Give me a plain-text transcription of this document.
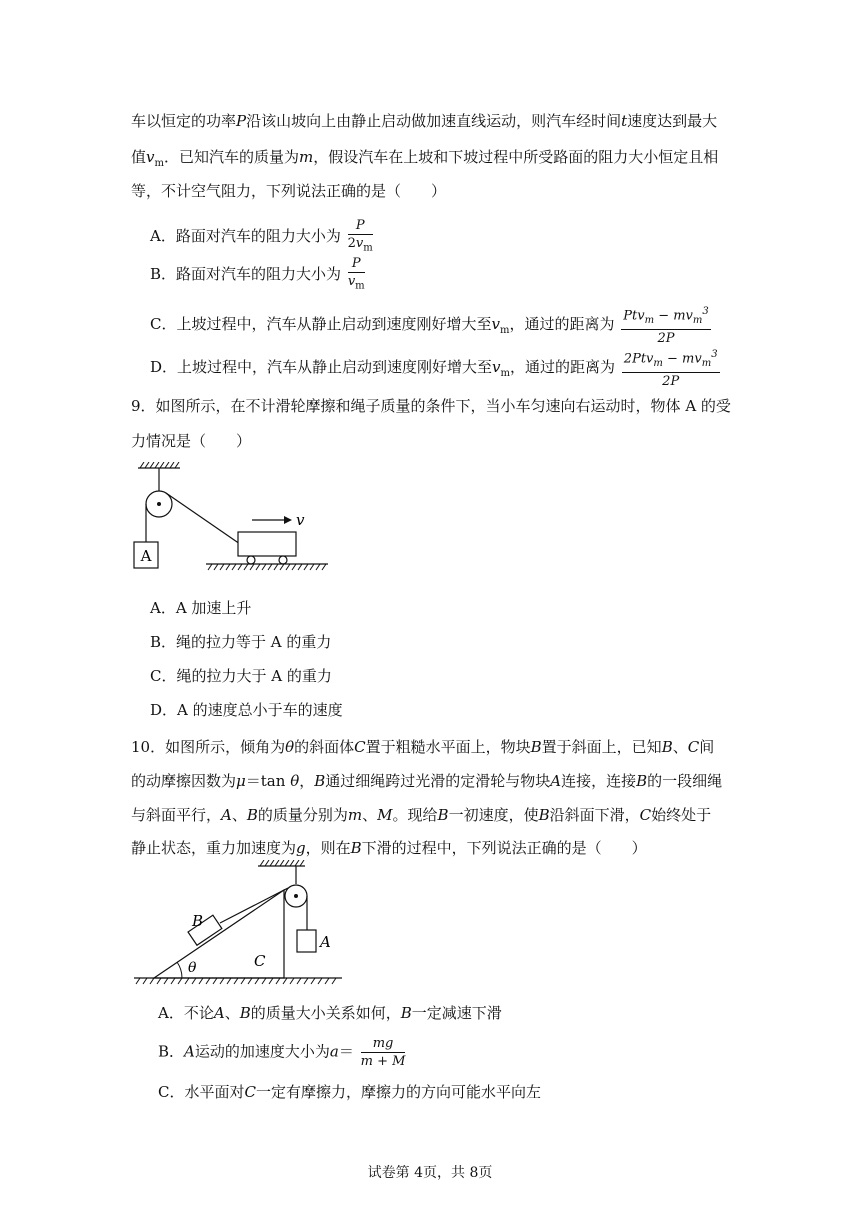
车以恒定的功率P沿该山坡向上由静止启动做加速直线运动，则汽车经时间t速度达到最大
值$v_m$．已知汽车的质量为m，假设汽车在上坡和下坡过程中所受路面的阻力大小恒定且相
等，不计空气阻力，下列说法正确的是（　　）
A．路面对汽车的阻力大小为 $\frac{P}{2v_m}$
B．路面对汽车的阻力大小为 $\frac{P}{v_m}$
C．上坡过程中，汽车从静止启动到速度刚好增大至$v_m$，通过的距离为 $\frac{Ptv_m - mv_m^3}{2P}$
D．上坡过程中，汽车从静止启动到速度刚好增大至$v_m$，通过的距离为 $\frac{2Ptv_m - mv_m^3}{2P}$
9．如图所示，在不计滑轮摩擦和绳子质量的条件下，当小车匀速向右运动时，物体 A 的受
力情况是（　　）
A
v
A．A 加速上升
B．绳的拉力等于 A 的重力
C．绳的拉力大于 A 的重力
D．A 的速度总小于车的速度
10．如图所示，倾角为θ的斜面体C置于粗糙水平面上，物块B置于斜面上，已知B、C间
的动摩擦因数为μ＝tan θ，B通过细绳跨过光滑的定滑轮与物块A连接，连接B的一段细绳
与斜面平行，A、B的质量分别为m、M。现给B一初速度，使B沿斜面下滑，C始终处于
静止状态，重力加速度为g，则在B下滑的过程中，下列说法正确的是（　　）
B
A
C
θ
A．不论A、B的质量大小关系如何，B一定减速下滑
B．A运动的加速度大小为$a= \frac{mg}{m + M}$
C．水平面对C一定有摩擦力，摩擦力的方向可能水平向左
试卷第 4页，共 8页
